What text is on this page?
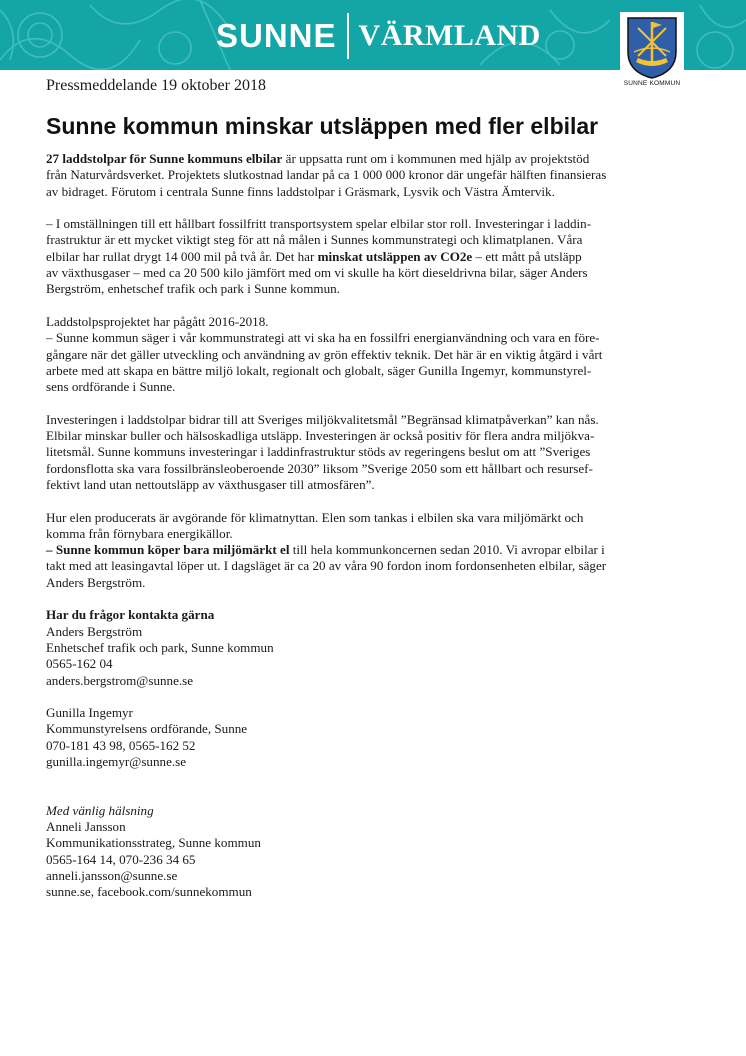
SUNNE VÄRMLAND
SUNNE KOMMUN
Pressmeddelande 19 oktober 2018
Sunne kommun minskar utsläppen med fler elbilar

27 laddstolpar för Sunne kommuns elbilar är uppsatta runt om i kommunen med hjälp av projektstöd
från Naturvårdsverket. Projektets slutkostnad landar på ca 1 000 000 kronor där ungefär hälften finansieras
av bidraget. Förutom i centrala Sunne finns laddstolpar i Gräsmark, Lysvik och Västra Ämtervik.

– I omställningen till ett hållbart fossilfritt transportsystem spelar elbilar stor roll. Investeringar i laddin-
frastruktur är ett mycket viktigt steg för att nå målen i Sunnes kommunstrategi och klimatplanen. Våra
elbilar har rullat drygt 14 000 mil på två år. Det har minskat utsläppen av CO2e – ett mått på utsläpp
av växthusgaser – med ca 20 500 kilo jämfört med om vi skulle ha kört dieseldrivna bilar, säger Anders
Bergström, enhetschef trafik och park i Sunne kommun.

Laddstolpsprojektet har pågått 2016-2018.
– Sunne kommun säger i vår kommunstrategi att vi ska ha en fossilfri energianvändning och vara en före-
gångare när det gäller utveckling och användning av grön effektiv teknik. Det här är en viktig åtgärd i vårt
arbete med att skapa en bättre miljö lokalt, regionalt och globalt, säger Gunilla Ingemyr, kommunstyrel-
sens ordförande i Sunne.

Investeringen i laddstolpar bidrar till att Sveriges miljökvalitetsmål ”Begränsad klimatpåverkan” kan nås.
Elbilar minskar buller och hälsoskadliga utsläpp. Investeringen är också positiv för flera andra miljökva-
litetsmål. Sunne kommuns investeringar i laddinfrastruktur stöds av regeringens beslut om att ”Sveriges
fordonsflotta ska vara fossilbränsleoberoende 2030” liksom ”Sverige 2050 som ett hållbart och resursef-
fektivt land utan nettoutsläpp av växthusgaser till atmosfären”.

Hur elen producerats är avgörande för klimatnyttan. Elen som tankas i elbilen ska vara miljömärkt och
komma från förnybara energikällor.
– Sunne kommun köper bara miljömärkt el till hela kommunkoncernen sedan 2010. Vi avropar elbilar i
takt med att leasingavtal löper ut. I dagsläget är ca 20 av våra 90 fordon inom fordonsenheten elbilar, säger
Anders Bergström.

Har du frågor kontakta gärna
Anders Bergström
Enhetschef trafik och park, Sunne kommun
0565-162 04
anders.bergstrom@sunne.se

Gunilla Ingemyr
Kommunstyrelsens ordförande, Sunne
070-181 43 98, 0565-162 52
gunilla.ingemyr@sunne.se

Med vänlig hälsning
Anneli Jansson
Kommunikationsstrateg, Sunne kommun
0565-164 14, 070-236 34 65
anneli.jansson@sunne.se
sunne.se, facebook.com/sunnekommun
